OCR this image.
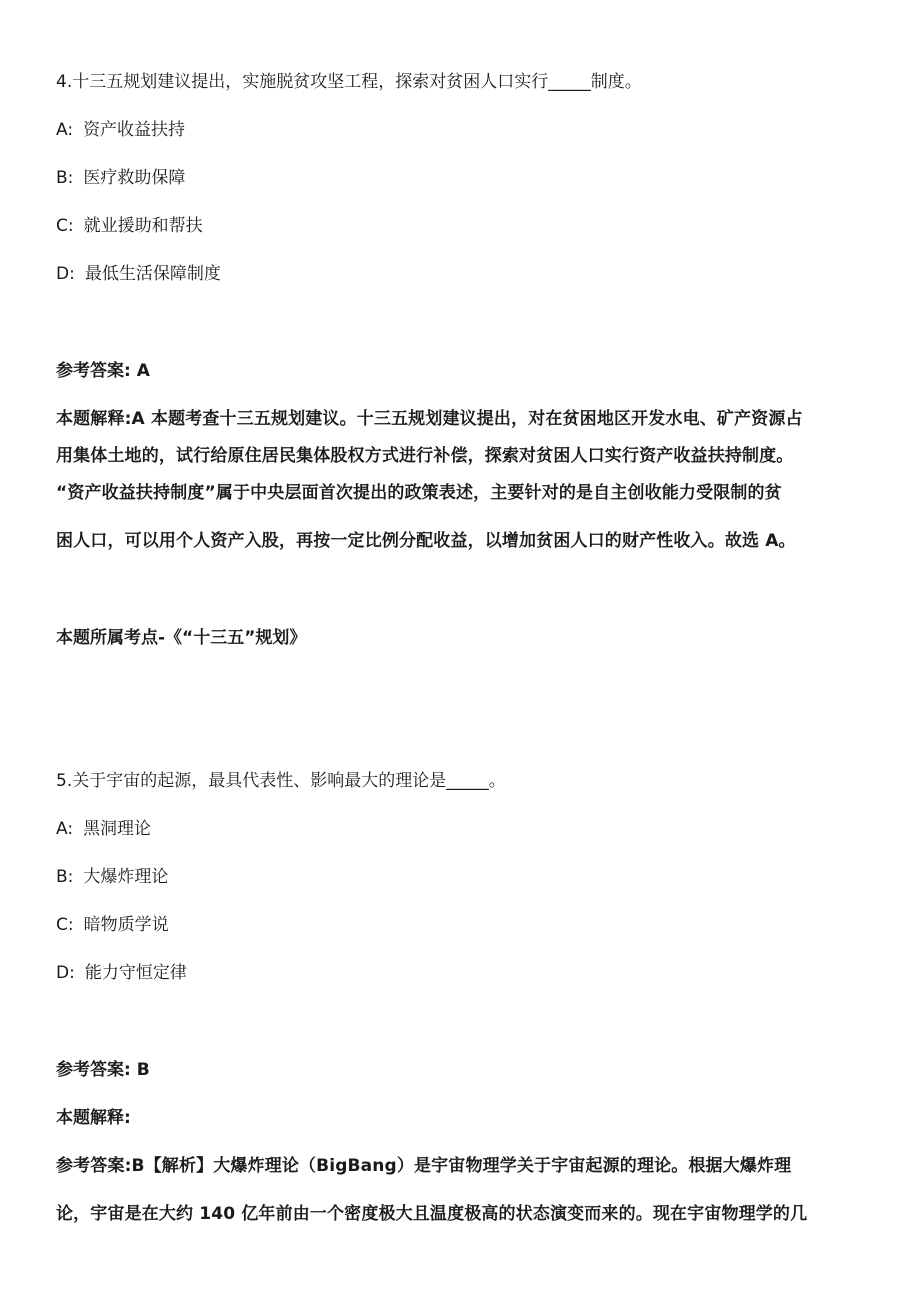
4.十三五规划建议提出，实施脱贫攻坚工程，探索对贫困人口实行_____制度。
A: 资产收益扶持
B: 医疗救助保障
C: 就业援助和帮扶
D: 最低生活保障制度
参考答案: A
本题解释:A 本题考查十三五规划建议。十三五规划建议提出，对在贫困地区开发水电、矿产资源占
用集体土地的，试行给原住居民集体股权方式进行补偿，探索对贫困人口实行资产收益扶持制度。
“资产收益扶持制度”属于中央层面首次提出的政策表述，主要针对的是自主创收能力受限制的贫
困人口，可以用个人资产入股，再按一定比例分配收益，以增加贫困人口的财产性收入。故选 A。
本题所属考点-《“十三五”规划》
5.关于宇宙的起源，最具代表性、影响最大的理论是_____。
A: 黑洞理论
B: 大爆炸理论
C: 暗物质学说
D: 能力守恒定律
参考答案: B
本题解释:
参考答案:B【解析】大爆炸理论（BigBang）是宇宙物理学关于宇宙起源的理论。根据大爆炸理
论，宇宙是在大约 140 亿年前由一个密度极大且温度极高的状态演变而来的。现在宇宙物理学的几
